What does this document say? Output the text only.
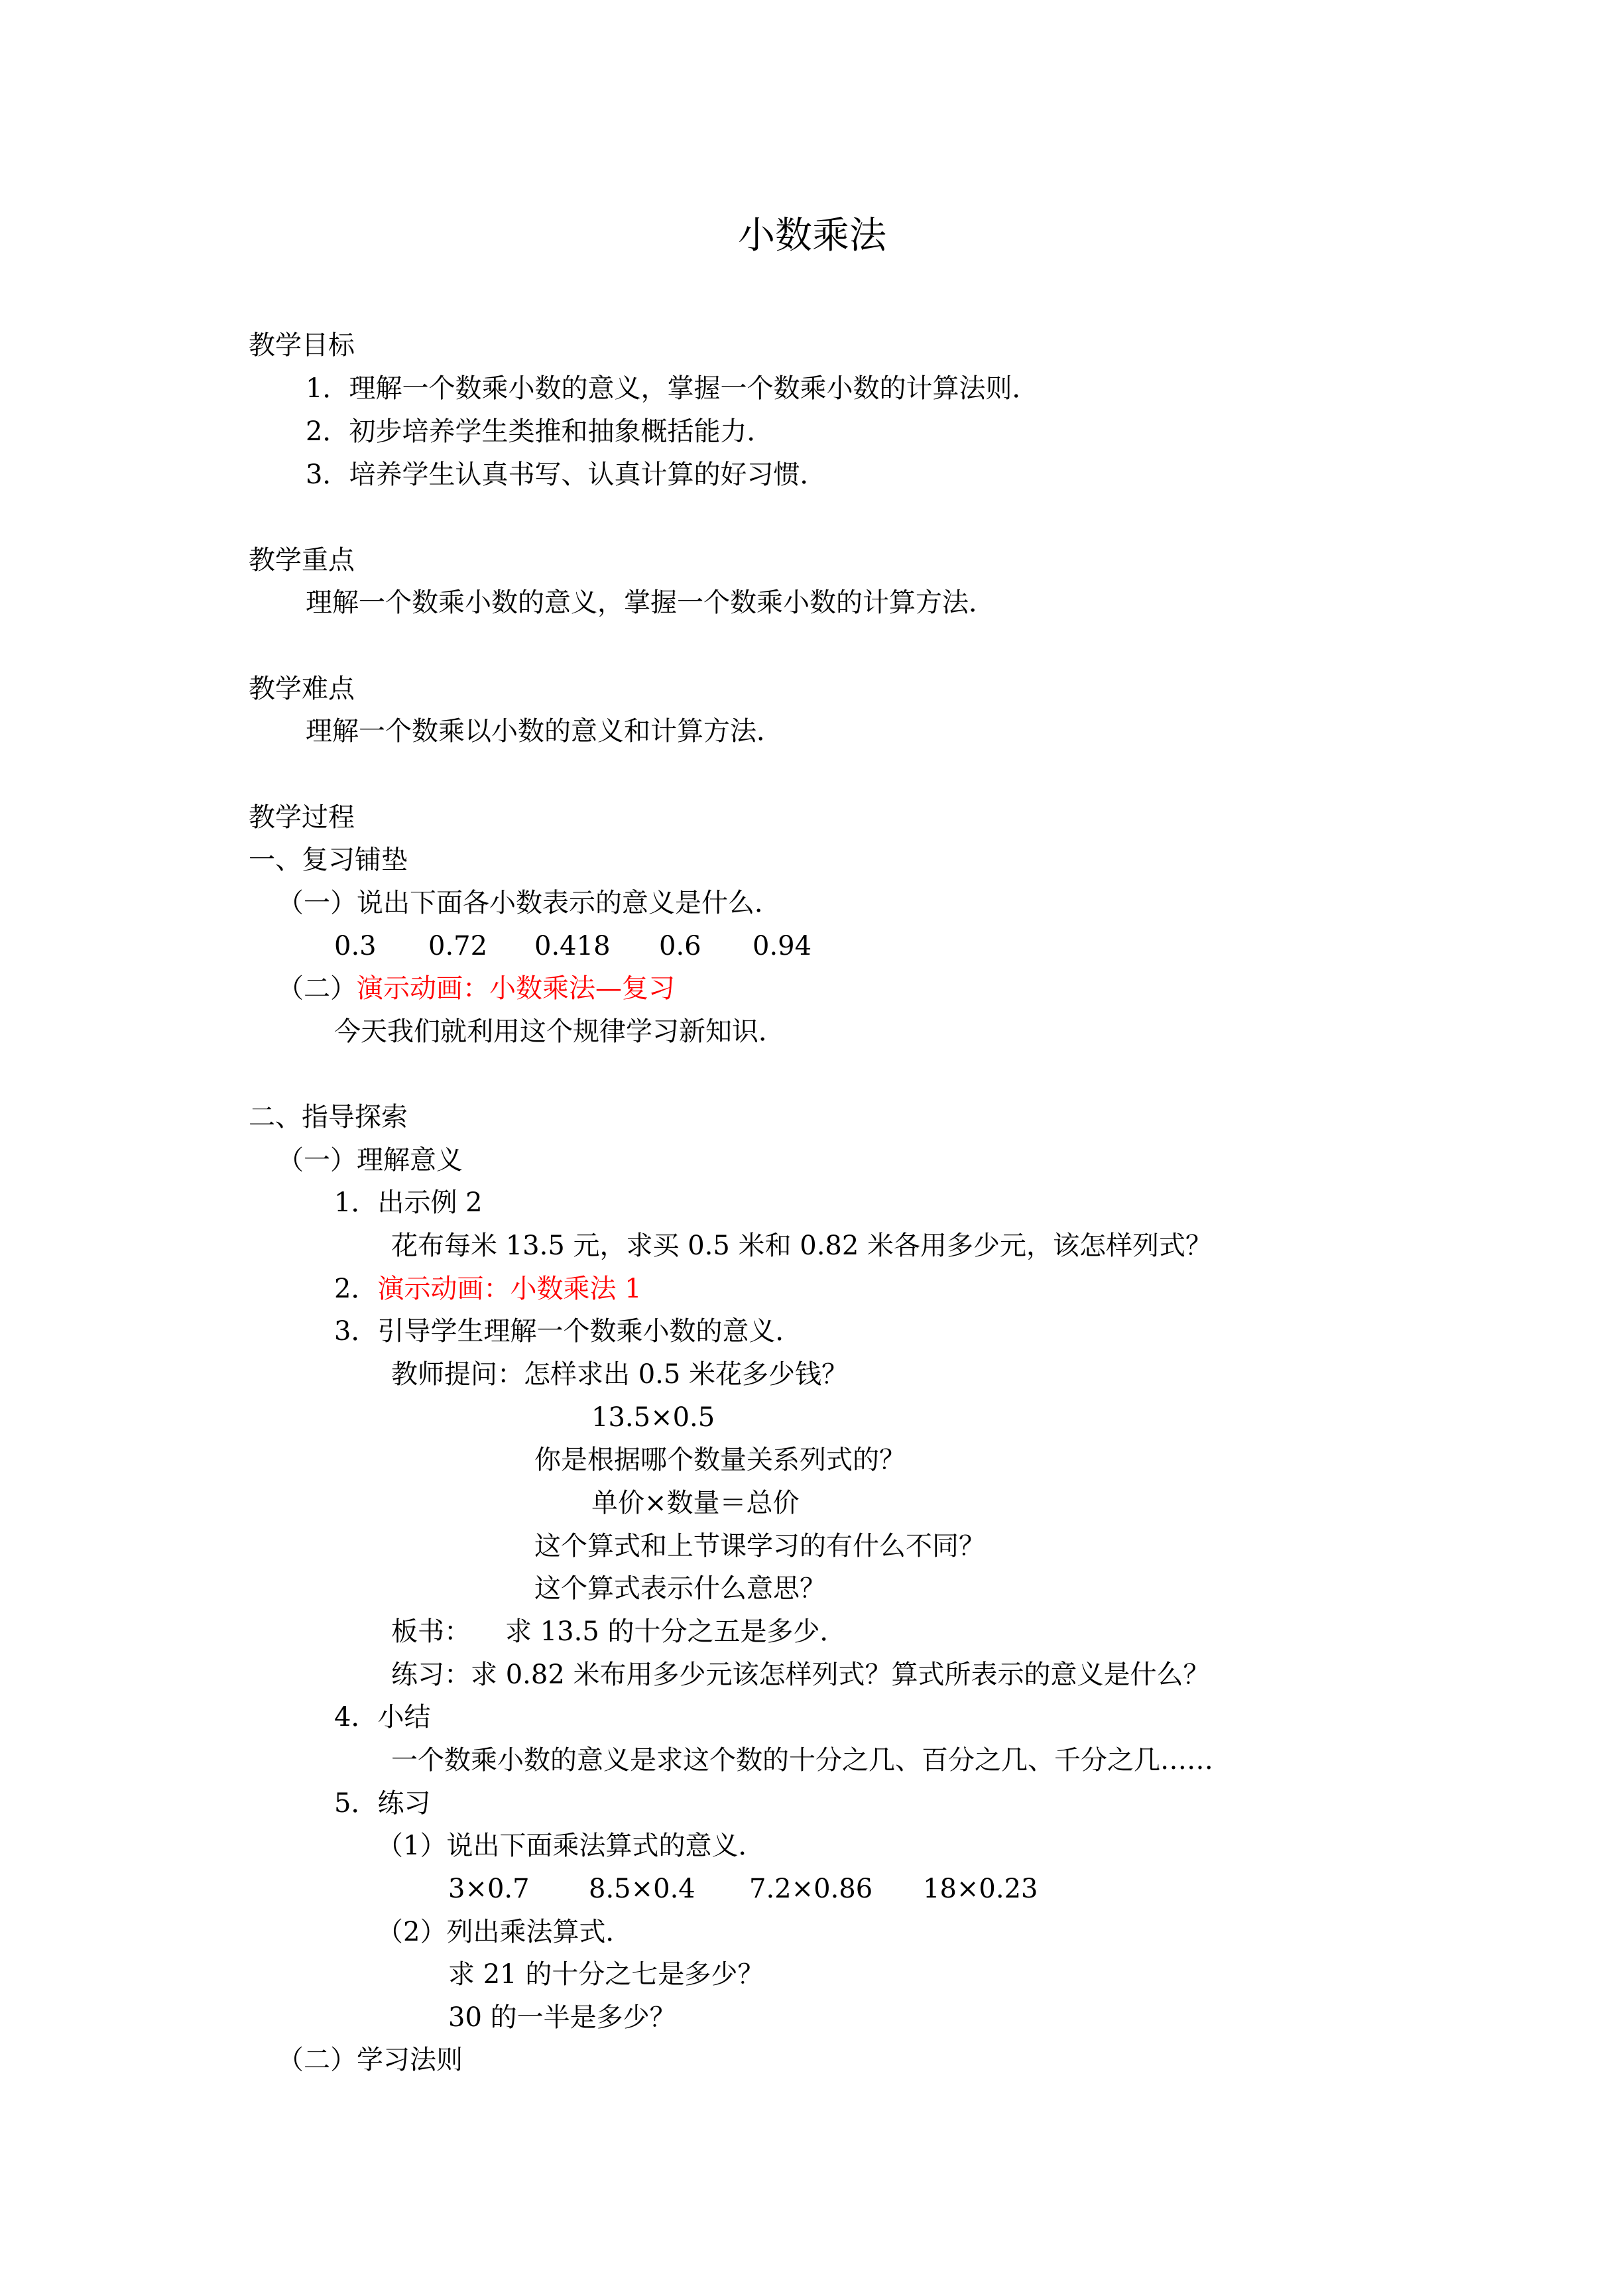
小数乘法
教学目标
1．理解一个数乘小数的意义，掌握一个数乘小数的计算法则．
2．初步培养学生类推和抽象概括能力．
3．培养学生认真书写、认真计算的好习惯．
教学重点
理解一个数乘小数的意义，掌握一个数乘小数的计算方法．
教学难点
理解一个数乘以小数的意义和计算方法．
教学过程
一、复习铺垫
（一）说出下面各小数表示的意义是什么．
0.3 0.72 0.418 0.6 0.94
（二）演示动画：小数乘法—复习
今天我们就利用这个规律学习新知识．
二、指导探索
（一）理解意义
1．出示例 2
花布每米 13.5 元，求买 0.5 米和 0.82 米各用多少元，该怎样列式？
2．演示动画：小数乘法 1
3．引导学生理解一个数乘小数的意义．
教师提问：怎样求出 0.5 米花多少钱？
13.5×0.5
你是根据哪个数量关系列式的？
单价×数量＝总价
这个算式和上节课学习的有什么不同？
这个算式表示什么意思？
板书： 求 13.5 的十分之五是多少．
练习：求 0.82 米布用多少元该怎样列式？算式所表示的意义是什么？
4．小结
一个数乘小数的意义是求这个数的十分之几、百分之几、千分之几……
5．练习
（1）说出下面乘法算式的意义．
3×0.7 8.5×0.4 7.2×0.86 18×0.23
（2）列出乘法算式．
求 21 的十分之七是多少？
30 的一半是多少？
（二）学习法则
